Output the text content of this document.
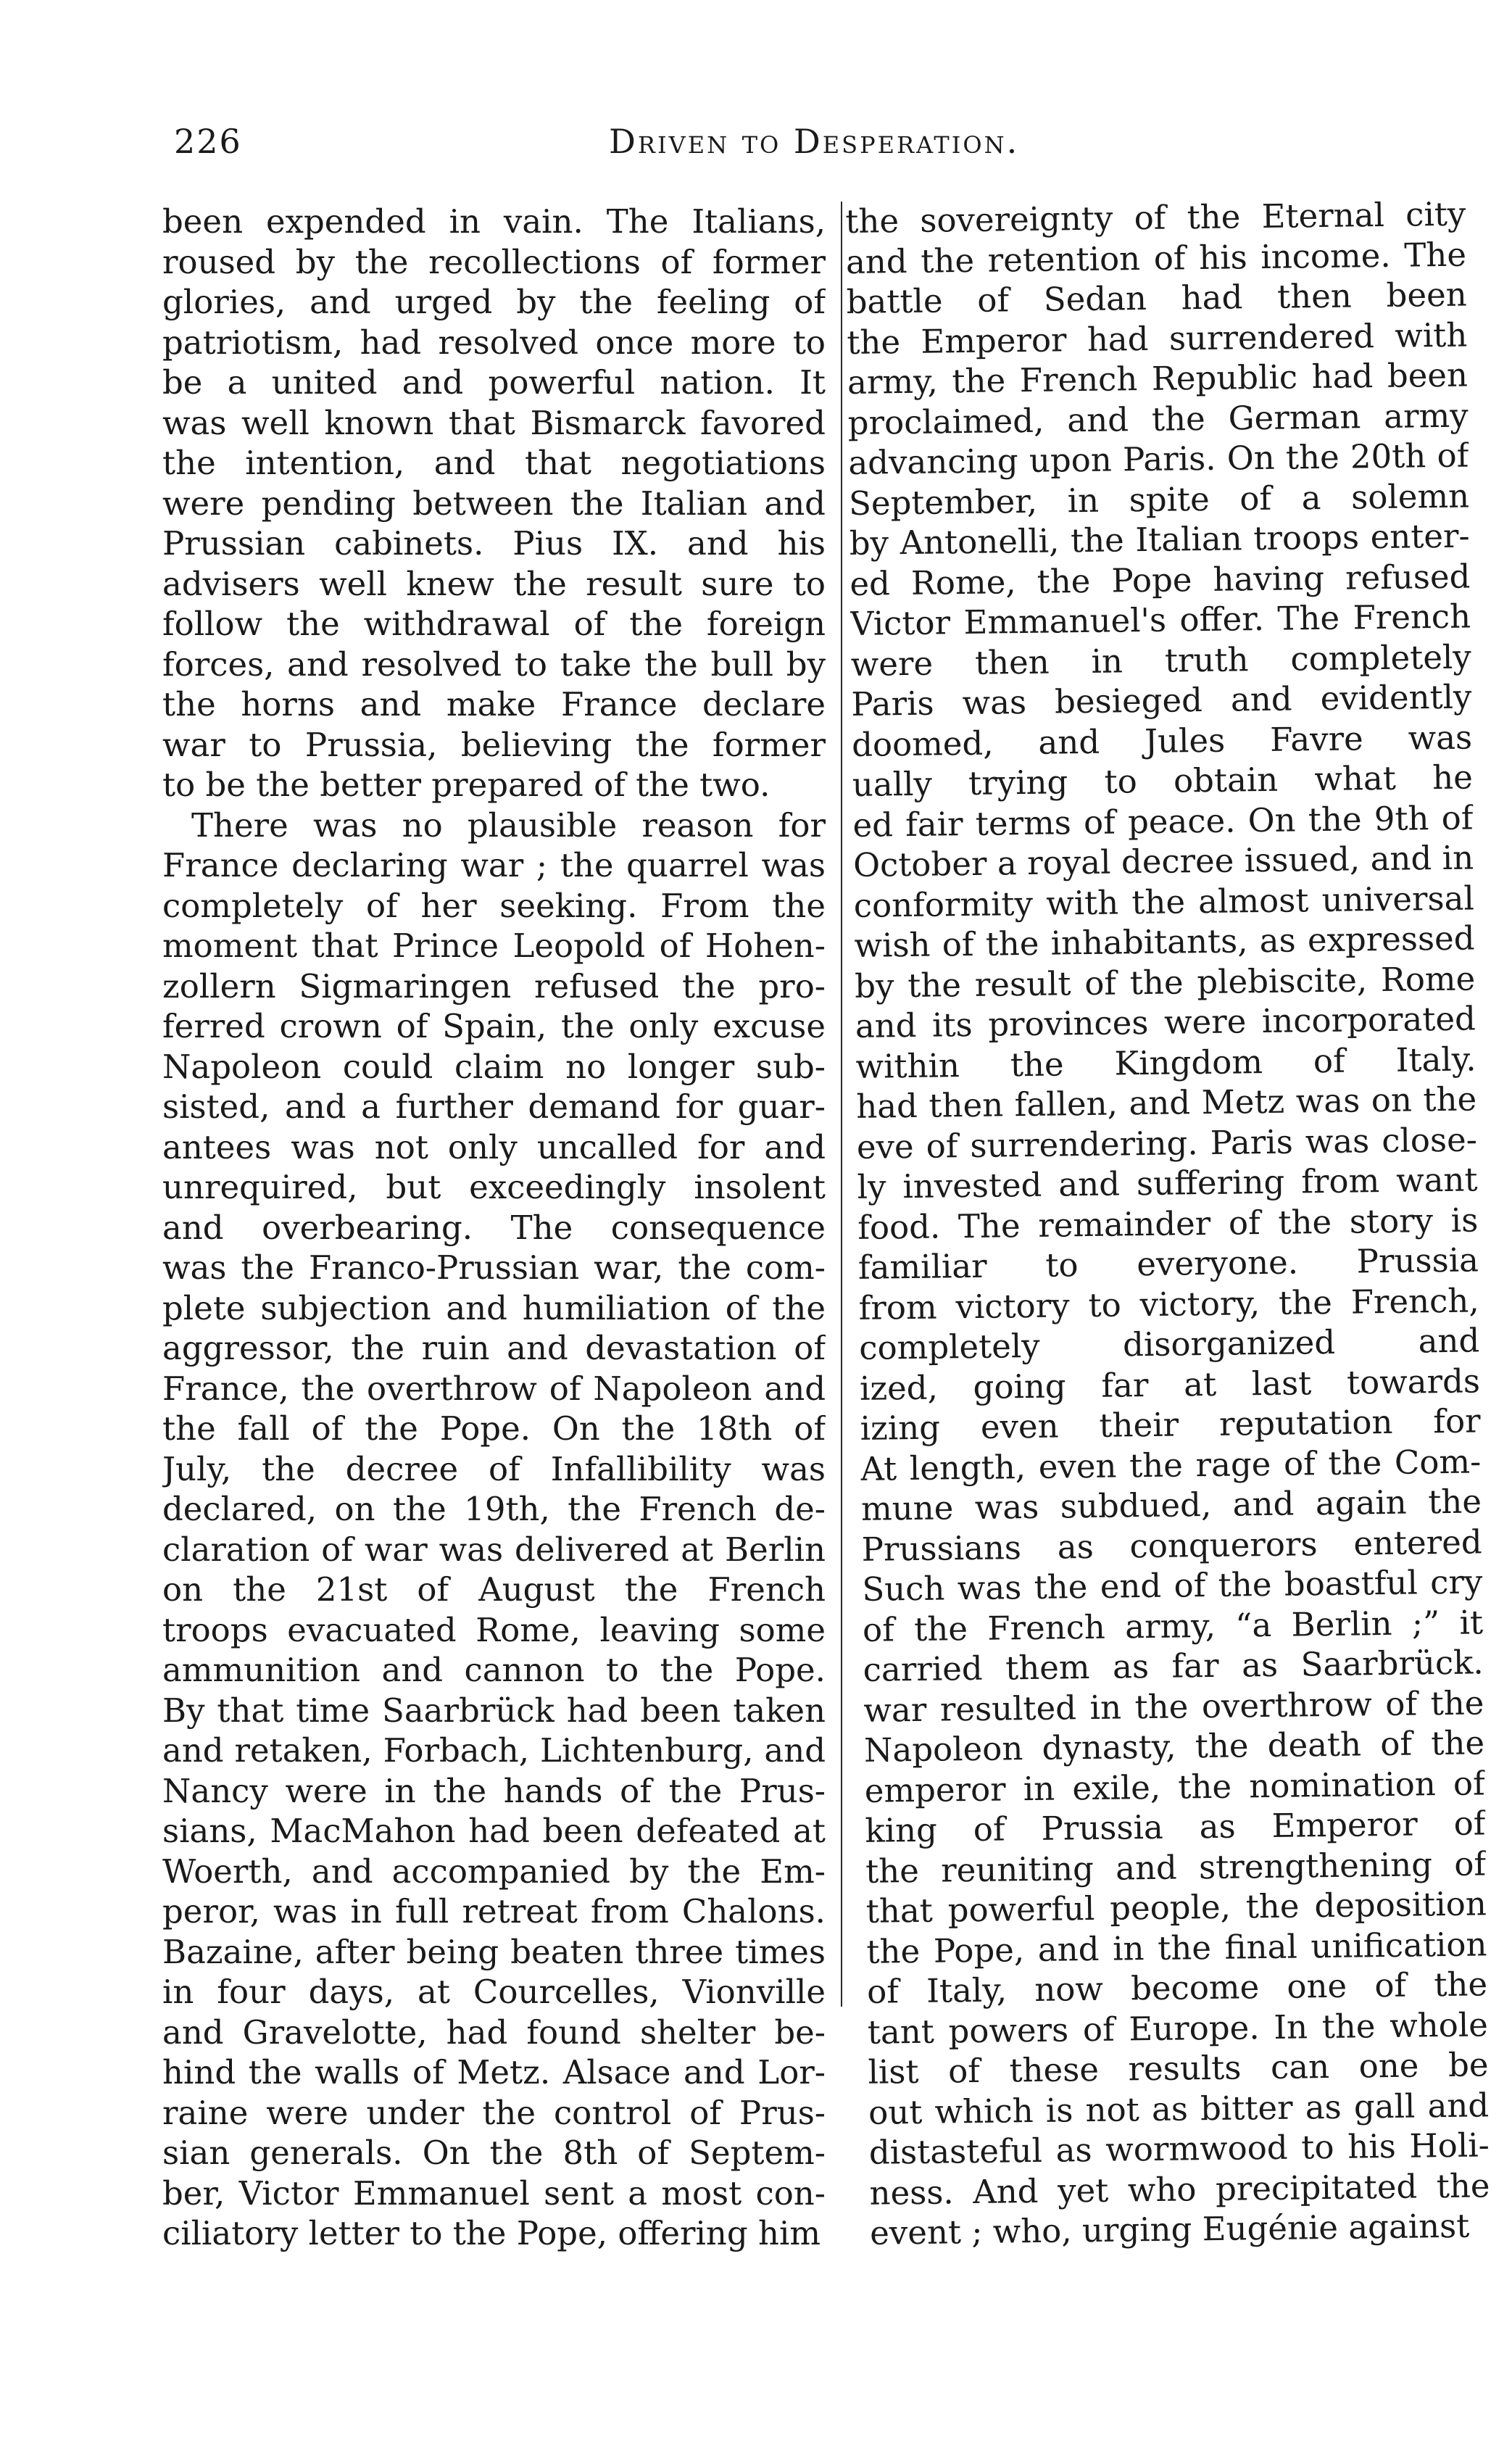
226	Driven to Desperation.
been expended in vain. The Italians,
roused by the recollections of former
glories, and urged by the feeling of
patriotism, had resolved once more to
be a united and powerful nation. It
was well known that Bismarck favored
the intention, and that negotiations
were pending between the Italian and
Prussian cabinets. Pius IX. and his
advisers well knew the result sure to
follow the withdrawal of the foreign
forces, and resolved to take the bull by
the horns and make France declare
war to Prussia, believing the former
to be the better prepared of the two.
There was no plausible reason for
France declaring war ; the quarrel was
completely of her seeking. From the
moment that Prince Leopold of Hohen-
zollern Sigmaringen refused the pro-
ferred crown of Spain, the only excuse
Napoleon could claim no longer sub-
sisted, and a further demand for guar-
antees was not only uncalled for and
unrequired, but exceedingly insolent
and overbearing. The consequence
was the Franco-Prussian war, the com-
plete subjection and humiliation of the
aggressor, the ruin and devastation of
France, the overthrow of Napoleon and
the fall of the Pope. On the 18th of
July, the decree of Infallibility was
declared, on the 19th, the French de-
claration of war was delivered at Berlin
on the 21st of August the French
troops evacuated Rome, leaving some
ammunition and cannon to the Pope.
By that time Saarbrück had been taken
and retaken, Forbach, Lichtenburg, and
Nancy were in the hands of the Prus-
sians, MacMahon had been defeated at
Woerth, and accompanied by the Em-
peror, was in full retreat from Chalons.
Bazaine, after being beaten three times
in four days, at Courcelles, Vionville
and Gravelotte, had found shelter be-
hind the walls of Metz. Alsace and Lor-
raine were under the control of Prus-
sian generals. On the 8th of Septem-
ber, Victor Emmanuel sent a most con-
ciliatory letter to the Pope, offering him
the sovereignty of the Eternal city
and the retention of his income. The
battle of Sedan had then been
the Emperor had surrendered with
army, the French Republic had been
proclaimed, and the German army
advancing upon Paris. On the 20th of
September, in spite of a solemn
by Antonelli, the Italian troops enter-
ed Rome, the Pope having refused
Victor Emmanuel's offer. The French
were then in truth completely
Paris was besieged and evidently
doomed, and Jules Favre was
ually trying to obtain what he
ed fair terms of peace. On the 9th of
October a royal decree issued, and in
conformity with the almost universal
wish of the inhabitants, as expressed
by the result of the plebiscite, Rome
and its provinces were incorporated
within the Kingdom of Italy.
had then fallen, and Metz was on the
eve of surrendering. Paris was close-
ly invested and suffering from want
food. The remainder of the story is
familiar to everyone. Prussia
from victory to victory, the French,
completely disorganized and
ized, going far at last towards
izing even their reputation for
At length, even the rage of the Com-
mune was subdued, and again the
Prussians as conquerors entered
Such was the end of the boastful cry
of the French army, “a Berlin ;” it
carried them as far as Saarbrück.
war resulted in the overthrow of the
Napoleon dynasty, the death of the
emperor in exile, the nomination of
king of Prussia as Emperor of
the reuniting and strengthening of
that powerful people, the deposition
the Pope, and in the final unification
of Italy, now become one of the
tant powers of Europe. In the whole
list of these results can one be
out which is not as bitter as gall and
distasteful as wormwood to his Holi-
ness. And yet who precipitated the
event ; who, urging Eugénie against
